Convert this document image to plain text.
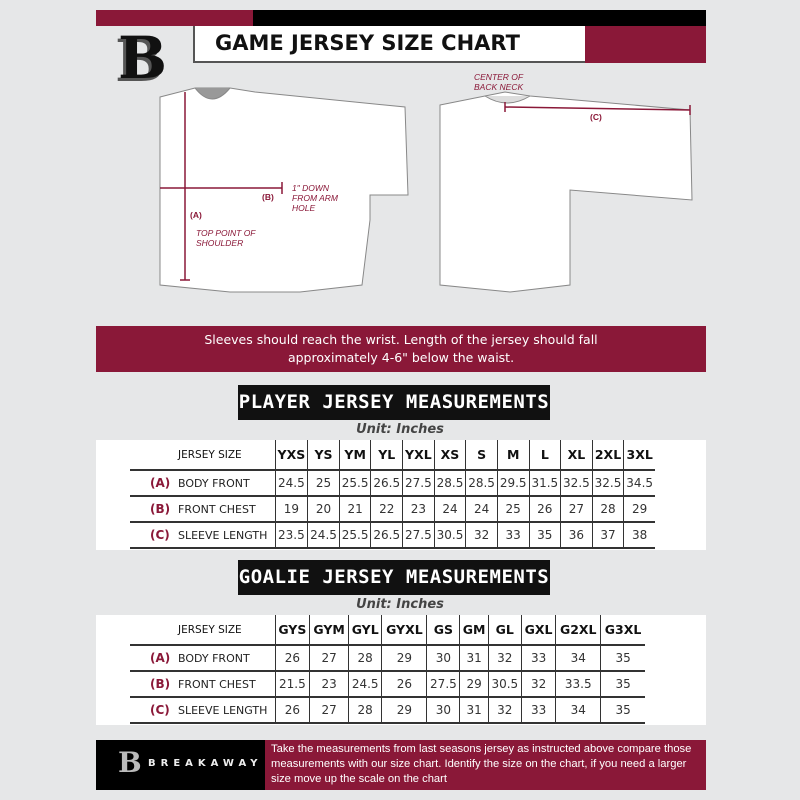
B	GAME JERSEY SIZE CHART
CENTER OF BACK NECK
(C)
(B)
1" DOWN FROM ARM HOLE
(A)
TOP POINT OF SHOULDER
Sleeves should reach the wrist. Length of the jersey should fall approximately 4-6" below the waist.
PLAYER JERSEY MEASUREMENTS
Unit: Inches
JERSEY SIZE	YXS	YS	YM	YL	YXL	XS	S	M	L	XL	2XL	3XL
(A) BODY FRONT	24.5	25	25.5	26.5	27.5	28.5	28.5	29.5	31.5	32.5	32.5	34.5
(B) FRONT CHEST	19	20	21	22	23	24	24	25	26	27	28	29
(C) SLEEVE LENGTH	23.5	24.5	25.5	26.5	27.5	30.5	32	33	35	36	37	38
GOALIE JERSEY MEASUREMENTS
Unit: Inches
JERSEY SIZE	GYS	GYM	GYL	GYXL	GS	GM	GL	GXL	G2XL	G3XL
(A) BODY FRONT	26	27	28	29	30	31	32	33	34	35
(B) FRONT CHEST	21.5	23	24.5	26	27.5	29	30.5	32	33.5	35
(C) SLEEVE LENGTH	26	27	28	29	30	31	32	33	34	35
B BREAKAWAY
Take the measurements from last seasons jersey as instructed above compare those measurements with our size chart. Identify the size on the chart, if you need a larger size move up the scale on the chart
